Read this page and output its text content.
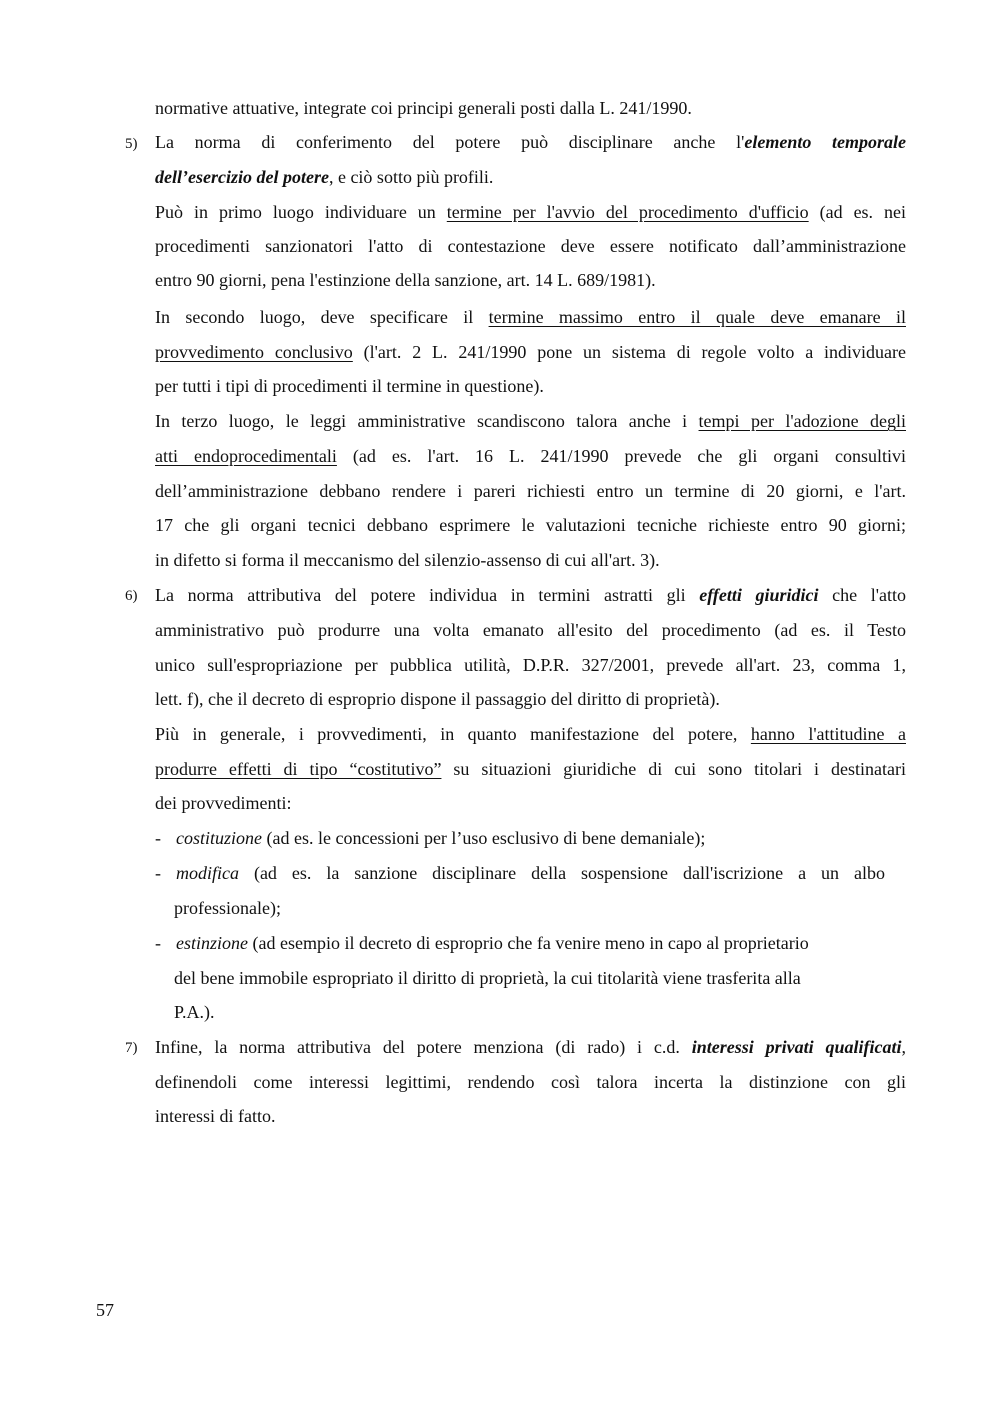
normative attuative, integrate coi principi generali posti dalla L. 241/1990.
5) La norma di conferimento del potere può disciplinare anche l'elemento temporale
dell’esercizio del potere, e ciò sotto più profili.
Può in primo luogo individuare un termine per l'avvio del procedimento d'ufficio (ad es. nei
procedimenti sanzionatori l'atto di contestazione deve essere notificato dall’amministrazione
entro 90 giorni, pena l'estinzione della sanzione, art. 14 L. 689/1981).
In secondo luogo, deve specificare il termine massimo entro il quale deve emanare il
provvedimento conclusivo (l'art. 2 L. 241/1990 pone un sistema di regole volto a individuare
per tutti i tipi di procedimenti il termine in questione).
In terzo luogo, le leggi amministrative scandiscono talora anche i tempi per l'adozione degli
atti endoprocedimentali (ad es. l'art. 16 L. 241/1990 prevede che gli organi consultivi
dell’amministrazione debbano rendere i pareri richiesti entro un termine di 20 giorni, e l'art.
17 che gli organi tecnici debbano esprimere le valutazioni tecniche richieste entro 90 giorni;
in difetto si forma il meccanismo del silenzio-assenso di cui all'art. 3).
6) La norma attributiva del potere individua in termini astratti gli effetti giuridici che l'atto
amministrativo può produrre una volta emanato all'esito del procedimento (ad es. il Testo
unico sull'espropriazione per pubblica utilità, D.P.R. 327/2001, prevede all'art. 23, comma 1,
lett. f), che il decreto di esproprio dispone il passaggio del diritto di proprietà).
Più in generale, i provvedimenti, in quanto manifestazione del potere, hanno l'attitudine a
produrre effetti di tipo “costitutivo” su situazioni giuridiche di cui sono titolari i destinatari
dei provvedimenti:
- costituzione (ad es. le concessioni per l’uso esclusivo di bene demaniale);
- modifica (ad es. la sanzione disciplinare della sospensione dall'iscrizione a un albo
professionale);
- estinzione (ad esempio il decreto di esproprio che fa venire meno in capo al proprietario
del bene immobile espropriato il diritto di proprietà, la cui titolarità viene trasferita alla
P.A.).
7) Infine, la norma attributiva del potere menziona (di rado) i c.d. interessi privati qualificati,
definendoli come interessi legittimi, rendendo così talora incerta la distinzione con gli
interessi di fatto.
57
